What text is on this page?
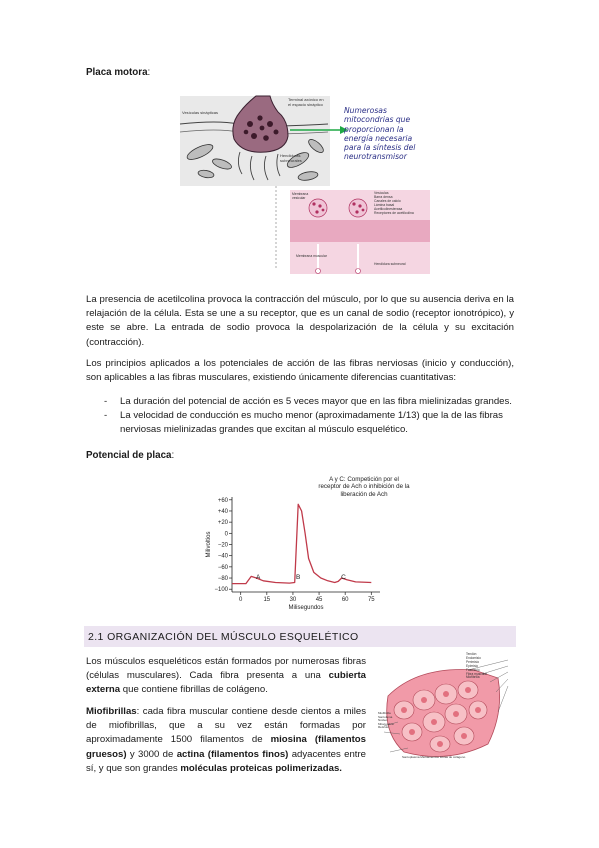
Placa motora:
Terminal axónico en
el espacio sináptico
Vesículas sinápticas
Hendiduras
subneurales
Numerosas
mitocondrias que
proporcionan la
energía necesaria
para la síntesis del
neurotransmisor
Vesículas
Barra densa
Canales de calcio
Lámina basal
Acetilcolinesterasa
Receptores de acetilcolina
Membrana
vesicular
Membrana muscular
Hendidura subneural
La presencia de acetilcolina provoca la contracción del músculo, por lo que su ausencia deriva en la relajación de la célula. Esta se une a su receptor, que es un canal de sodio (receptor ionotrópico), y este se abre. La entrada de sodio provoca la despolarización de la célula y su excitación (contracción).
Los principios aplicados a los potenciales de acción de las fibras nerviosas (inicio y conducción), son aplicables a las fibras musculares, existiendo únicamente diferencias cuantitativas:
- La duración del potencial de acción es 5 veces mayor que en las fibra mielinizadas grandes.
- La velocidad de conducción es mucho menor (aproximadamente 1/13) que la de las fibras nerviosas mielinizadas grandes que excitan al músculo esquelético.
Potencial de placa:
+60
+40
+20
0
−20
−40
−60
−80
−100
0	15	30	45	60	75
Milisegundos
Milivoltios
A	B	C
A y C: Competición por el receptor de Ach o inhibición de la liberación de Ach
2.1 ORGANIZACIÓN DEL MÚSCULO ESQUELÉTICO
Los músculos esqueléticos están formados por numerosas fibras (células musculares). Cada fibra presenta a una cubierta externa que contiene fibrillas de colágeno.
Miofibrillas: cada fibra muscular contiene desde cientos a miles de miofibrillas, que a su vez están formadas por aproximadamente 1500 filamentos de miosina (filamentos gruesos) y 3000 de actina (filamentos finos) adyacentes entre sí, y que son grandes moléculas proteicas polimerizadas.
Tendón
Endomisio
Perimisio
Epimisio
Fascículo
Fibra muscular
Miofibrilla
Miofibrilla
Sarcolema
Núcleo
Mitocondria
Retículo
Sarcoplasma Miofilamentos Fibras de colágeno
